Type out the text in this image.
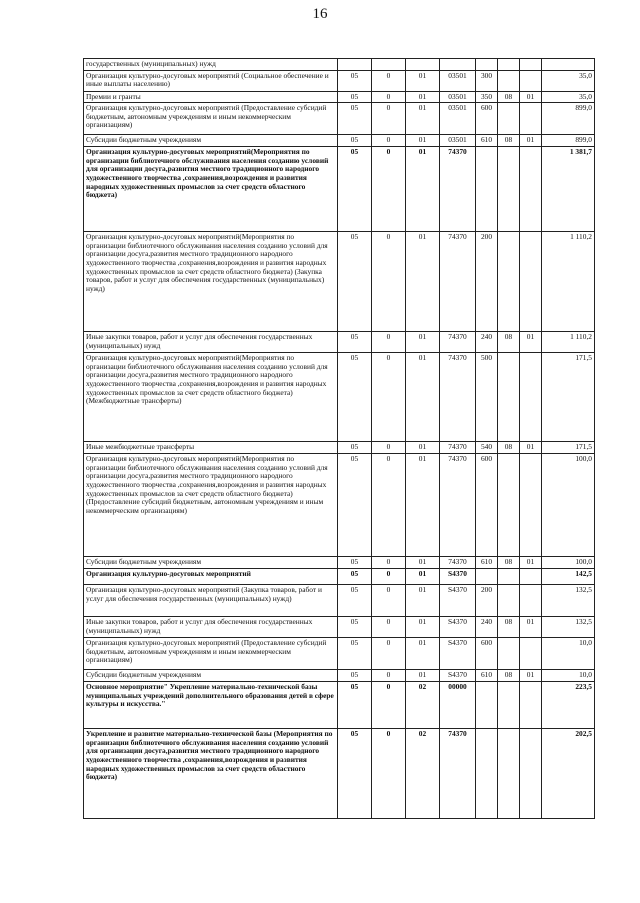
16
государственных (муниципальных) нужд								
Организация культурно-досуговых мероприятий (Социальное обеспечение и иные выплаты населению)	05	0	01	03501	300			35,0
Премии и гранты	05	0	01	03501	350	08	01	35,0
Организация культурно-досуговых мероприятий (Предоставление субсидий бюджетным, автономным учреждениям и иным некоммерческим организациям)	05	0	01	03501	600			899,0
Субсидии бюджетным учреждениям	05	0	01	03501	610	08	01	899,0
Организация культурно-досуговых мероприятий(Мероприятия по организации библиотечного обслуживания населения созданию условий для организации досуга,развития местного традиционного народного художественного творчества ,сохранения,возрождения и развития народных художественных промыслов за счет средств областного бюджета)	05	0	01	74370				1 381,7
Организация культурно-досуговых мероприятий(Мероприятия по организации библиотечного обслуживания населения созданию условий для организации досуга,развития местного традиционного народного художественного творчества ,сохранения,возрождения и развития народных художественных промыслов за счет средств областного бюджета) (Закупка товаров, работ и услуг для обеспечения государственных (муниципальных) нужд)	05	0	01	74370	200			1 110,2
Иные закупки товаров, работ и услуг для обеспечения государственных (муниципальных) нужд	05	0	01	74370	240	08	01	1 110,2
Организация культурно-досуговых мероприятий(Мероприятия по организации библиотечного обслуживания населения созданию условий для организации досуга,развития местного традиционного народного художественного творчества ,сохранения,возрождения и развития народных художественных промыслов за счет средств областного бюджета) (Межбюджетные трансферты)	05	0	01	74370	500			171,5
Иные межбюджетные трансферты	05	0	01	74370	540	08	01	171,5
Организация культурно-досуговых мероприятий(Мероприятия по организации библиотечного обслуживания населения созданию условий для организации досуга,развития местного традиционного народного художественного творчества ,сохранения,возрождения и развития народных художественных промыслов за счет средств областного бюджета) (Предоставление субсидий бюджетным, автономным учреждениям и иным некоммерческим организациям)	05	0	01	74370	600			100,0
Субсидии бюджетным учреждениям	05	0	01	74370	610	08	01	100,0
Организация культурно-досуговых мероприятий	05	0	01	S4370				142,5
Организация культурно-досуговых мероприятий (Закупка товаров, работ и услуг для обеспечения государственных (муниципальных) нужд)	05	0	01	S4370	200			132,5
Иные закупки товаров, работ и услуг для обеспечения государственных (муниципальных) нужд	05	0	01	S4370	240	08	01	132,5
Организация культурно-досуговых мероприятий (Предоставление субсидий бюджетным, автономным учреждениям и иным некоммерческим организациям)	05	0	01	S4370	600			10,0
Субсидии бюджетным учреждениям	05	0	01	S4370	610	08	01	10,0
Основное мероприятие" Укрепление материально-технической базы муниципальных учреждений дополнительного образования детей в сфере культуры и искусства."	05	0	02	00000				223,5
Укрепление и развитие материально-технической базы (Мероприятия по организации библиотечного обслуживания населения созданию условий для организации досуга,развития местного традиционного народного художественного творчества ,сохранения,возрождения и развития народных художественных промыслов за счет средств областного бюджета)	05	0	02	74370				202,5
